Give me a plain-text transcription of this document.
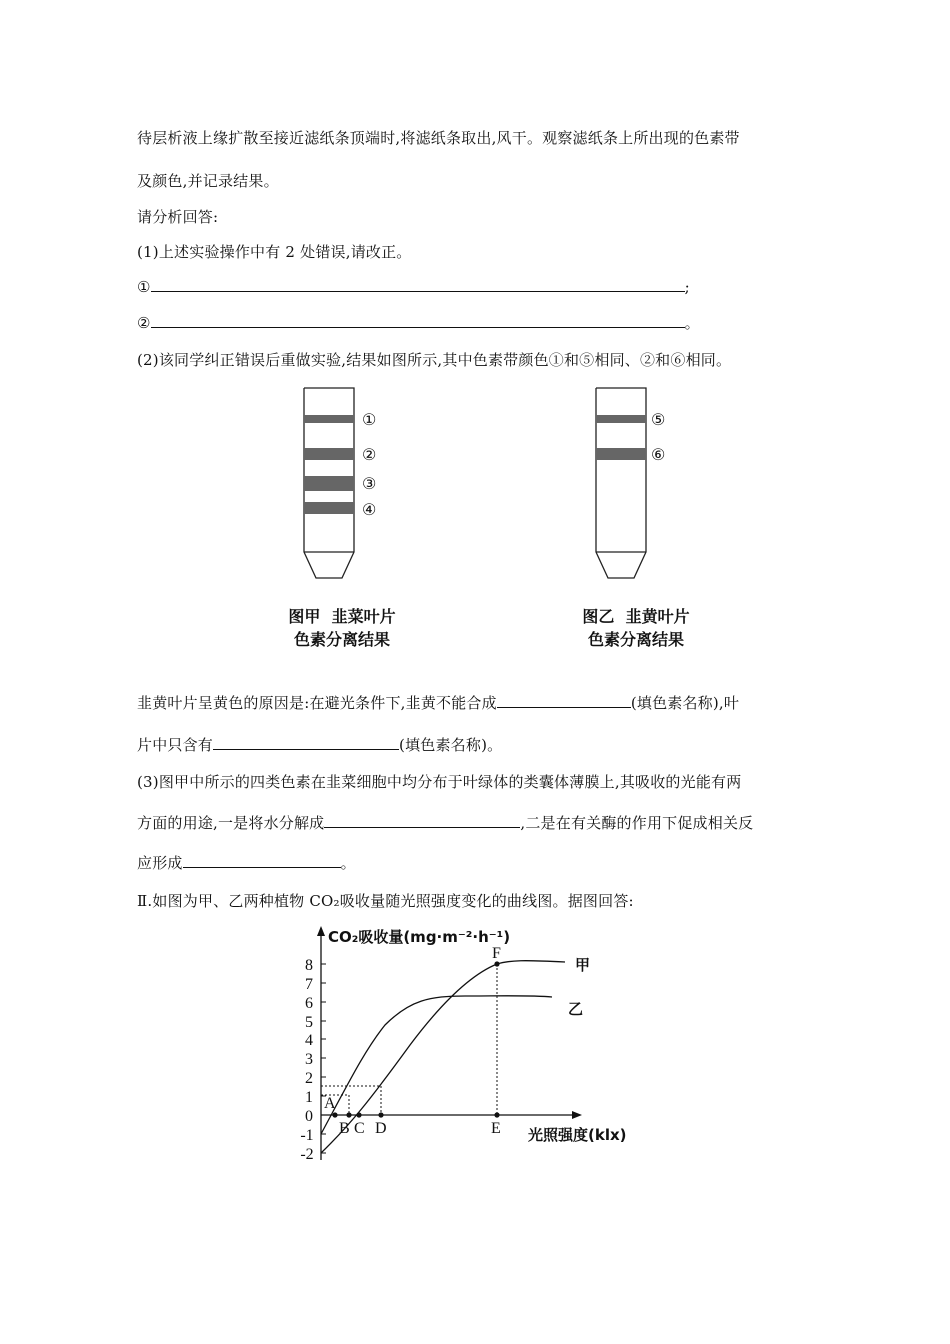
待层析液上缘扩散至接近滤纸条顶端时,将滤纸条取出,风干。观察滤纸条上所出现的色素带
及颜色,并记录结果。
请分析回答:
(1)上述实验操作中有 2 处错误,请改正。
①	;
②	。
(2)该同学纠正错误后重做实验,结果如图所示,其中色素带颜色①和⑤相同、②和⑥相同。
①
②
③
④
⑤
⑥
图甲  韭菜叶片
色素分离结果
图乙  韭黄叶片
色素分离结果
韭黄叶片呈黄色的原因是:在避光条件下,韭黄不能合成	(填色素名称),叶
片中只含有	(填色素名称)。
(3)图甲中所示的四类色素在韭菜细胞中均分布于叶绿体的类囊体薄膜上,其吸收的光能有两
方面的用途,一是将水分解成	,二是在有关酶的作用下促成相关反
应形成	。
Ⅱ.如图为甲、乙两种植物 CO₂吸收量随光照强度变化的曲线图。据图回答:
8
7
6
5
4
3
2
1
0
-1
-2
CO₂吸收量(mg·m⁻²·h⁻¹)
光照强度(klx)
A
B C D	E
F
甲
乙
